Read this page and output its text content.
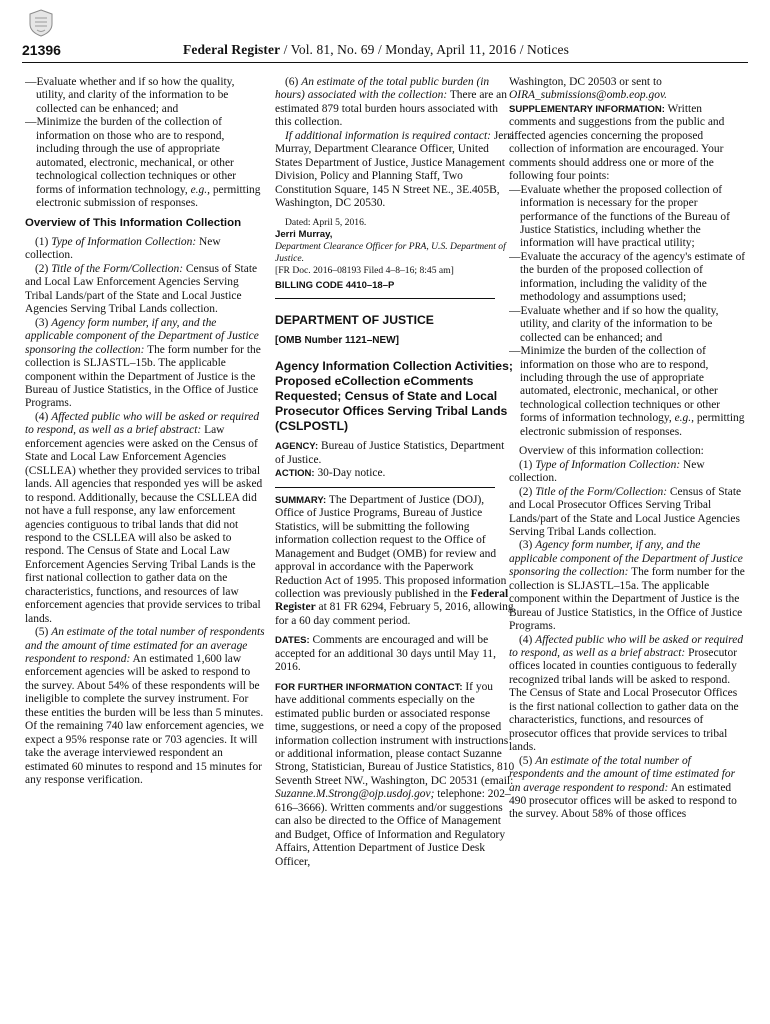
21396	Federal Register / Vol. 81, No. 69 / Monday, April 11, 2016 / Notices
—Evaluate whether and if so how the quality, utility, and clarity of the information to be collected can be enhanced; and
—Minimize the burden of the collection of information on those who are to respond, including through the use of appropriate automated, electronic, mechanical, or other technological collection techniques or other forms of information technology, e.g., permitting electronic submission of responses.
Overview of This Information Collection
(1) Type of Information Collection: New collection.
(2) Title of the Form/Collection: Census of State and Local Law Enforcement Agencies Serving Tribal Lands/part of the State and Local Justice Agencies Serving Tribal Lands collection.
(3) Agency form number, if any, and the applicable component of the Department of Justice sponsoring the collection: The form number for the collection is SLJASTL–15b. The applicable component within the Department of Justice is the Bureau of Justice Statistics, in the Office of Justice Programs.
(4) Affected public who will be asked or required to respond, as well as a brief abstract: Law enforcement agencies were asked on the Census of State and Local Law Enforcement Agencies (CSLLEA) whether they provided services to tribal lands. All agencies that responded yes will be asked to respond. Additionally, because the CSLLEA did not have a full response, any law enforcement agencies contiguous to tribal lands that did not respond to the CSLLEA will also be asked to respond. The Census of State and Local Law Enforcement Agencies Serving Tribal Lands is the first national collection to gather data on the characteristics, functions, and resources of law enforcement agencies that provide services to tribal lands.
(5) An estimate of the total number of respondents and the amount of time estimated for an average respondent to respond: An estimated 1,600 law enforcement agencies will be asked to respond to the survey. About 54% of these respondents will be ineligible to complete the survey instrument. For these entities the burden will be less than 5 minutes. Of the remaining 740 law enforcement agencies, we expect a 95% response rate or 703 agencies. It will take the average interviewed respondent an estimated 60 minutes to respond and 15 minutes for any response verification.
(6) An estimate of the total public burden (in hours) associated with the collection: There are an estimated 879 total burden hours associated with this collection.
If additional information is required contact: Jerri Murray, Department Clearance Officer, United States Department of Justice, Justice Management Division, Policy and Planning Staff, Two Constitution Square, 145 N Street NE., 3E.405B, Washington, DC 20530.
Dated: April 5, 2016.
Jerri Murray,
Department Clearance Officer for PRA, U.S. Department of Justice.
[FR Doc. 2016–08193 Filed 4–8–16; 8:45 am]
BILLING CODE 4410–18–P
DEPARTMENT OF JUSTICE
[OMB Number 1121–NEW]
Agency Information Collection Activities; Proposed eCollection eComments Requested; Census of State and Local Prosecutor Offices Serving Tribal Lands (CSLPOSTL)
AGENCY: Bureau of Justice Statistics, Department of Justice.
ACTION: 30-Day notice.
SUMMARY: The Department of Justice (DOJ), Office of Justice Programs, Bureau of Justice Statistics, will be submitting the following information collection request to the Office of Management and Budget (OMB) for review and approval in accordance with the Paperwork Reduction Act of 1995. This proposed information collection was previously published in the Federal Register at 81 FR 6294, February 5, 2016, allowing for a 60 day comment period.
DATES: Comments are encouraged and will be accepted for an additional 30 days until May 11, 2016.
FOR FURTHER INFORMATION CONTACT: If you have additional comments especially on the estimated public burden or associated response time, suggestions, or need a copy of the proposed information collection instrument with instructions or additional information, please contact Suzanne Strong, Statistician, Bureau of Justice Statistics, 810 Seventh Street NW., Washington, DC 20531 (email: Suzanne.M.Strong@ojp.usdoj.gov; telephone: 202–616–3666). Written comments and/or suggestions can also be directed to the Office of Management and Budget, Office of Information and Regulatory Affairs, Attention Department of Justice Desk Officer,
Washington, DC 20503 or sent to OIRA_submissions@omb.eop.gov.
SUPPLEMENTARY INFORMATION: Written comments and suggestions from the public and affected agencies concerning the proposed collection of information are encouraged. Your comments should address one or more of the following four points:
—Evaluate whether the proposed collection of information is necessary for the proper performance of the functions of the Bureau of Justice Statistics, including whether the information will have practical utility;
—Evaluate the accuracy of the agency's estimate of the burden of the proposed collection of information, including the validity of the methodology and assumptions used;
—Evaluate whether and if so how the quality, utility, and clarity of the information to be collected can be enhanced; and
—Minimize the burden of the collection of information on those who are to respond, including through the use of appropriate automated, electronic, mechanical, or other technological collection techniques or other forms of information technology, e.g., permitting electronic submission of responses.
Overview of this information collection:
(1) Type of Information Collection: New collection.
(2) Title of the Form/Collection: Census of State and Local Prosecutor Offices Serving Tribal Lands/part of the State and Local Justice Agencies Serving Tribal Lands collection.
(3) Agency form number, if any, and the applicable component of the Department of Justice sponsoring the collection: The form number for the collection is SLJASTL–15a. The applicable component within the Department of Justice is the Bureau of Justice Statistics, in the Office of Justice Programs.
(4) Affected public who will be asked or required to respond, as well as a brief abstract: Prosecutor offices located in counties contiguous to federally recognized tribal lands will be asked to respond. The Census of State and Local Prosecutor Offices is the first national collection to gather data on the characteristics, functions, and resources of prosecutor offices that provide services to tribal lands.
(5) An estimate of the total number of respondents and the amount of time estimated for an average respondent to respond: An estimated 490 prosecutor offices will be asked to respond to the survey. About 58% of those offices
